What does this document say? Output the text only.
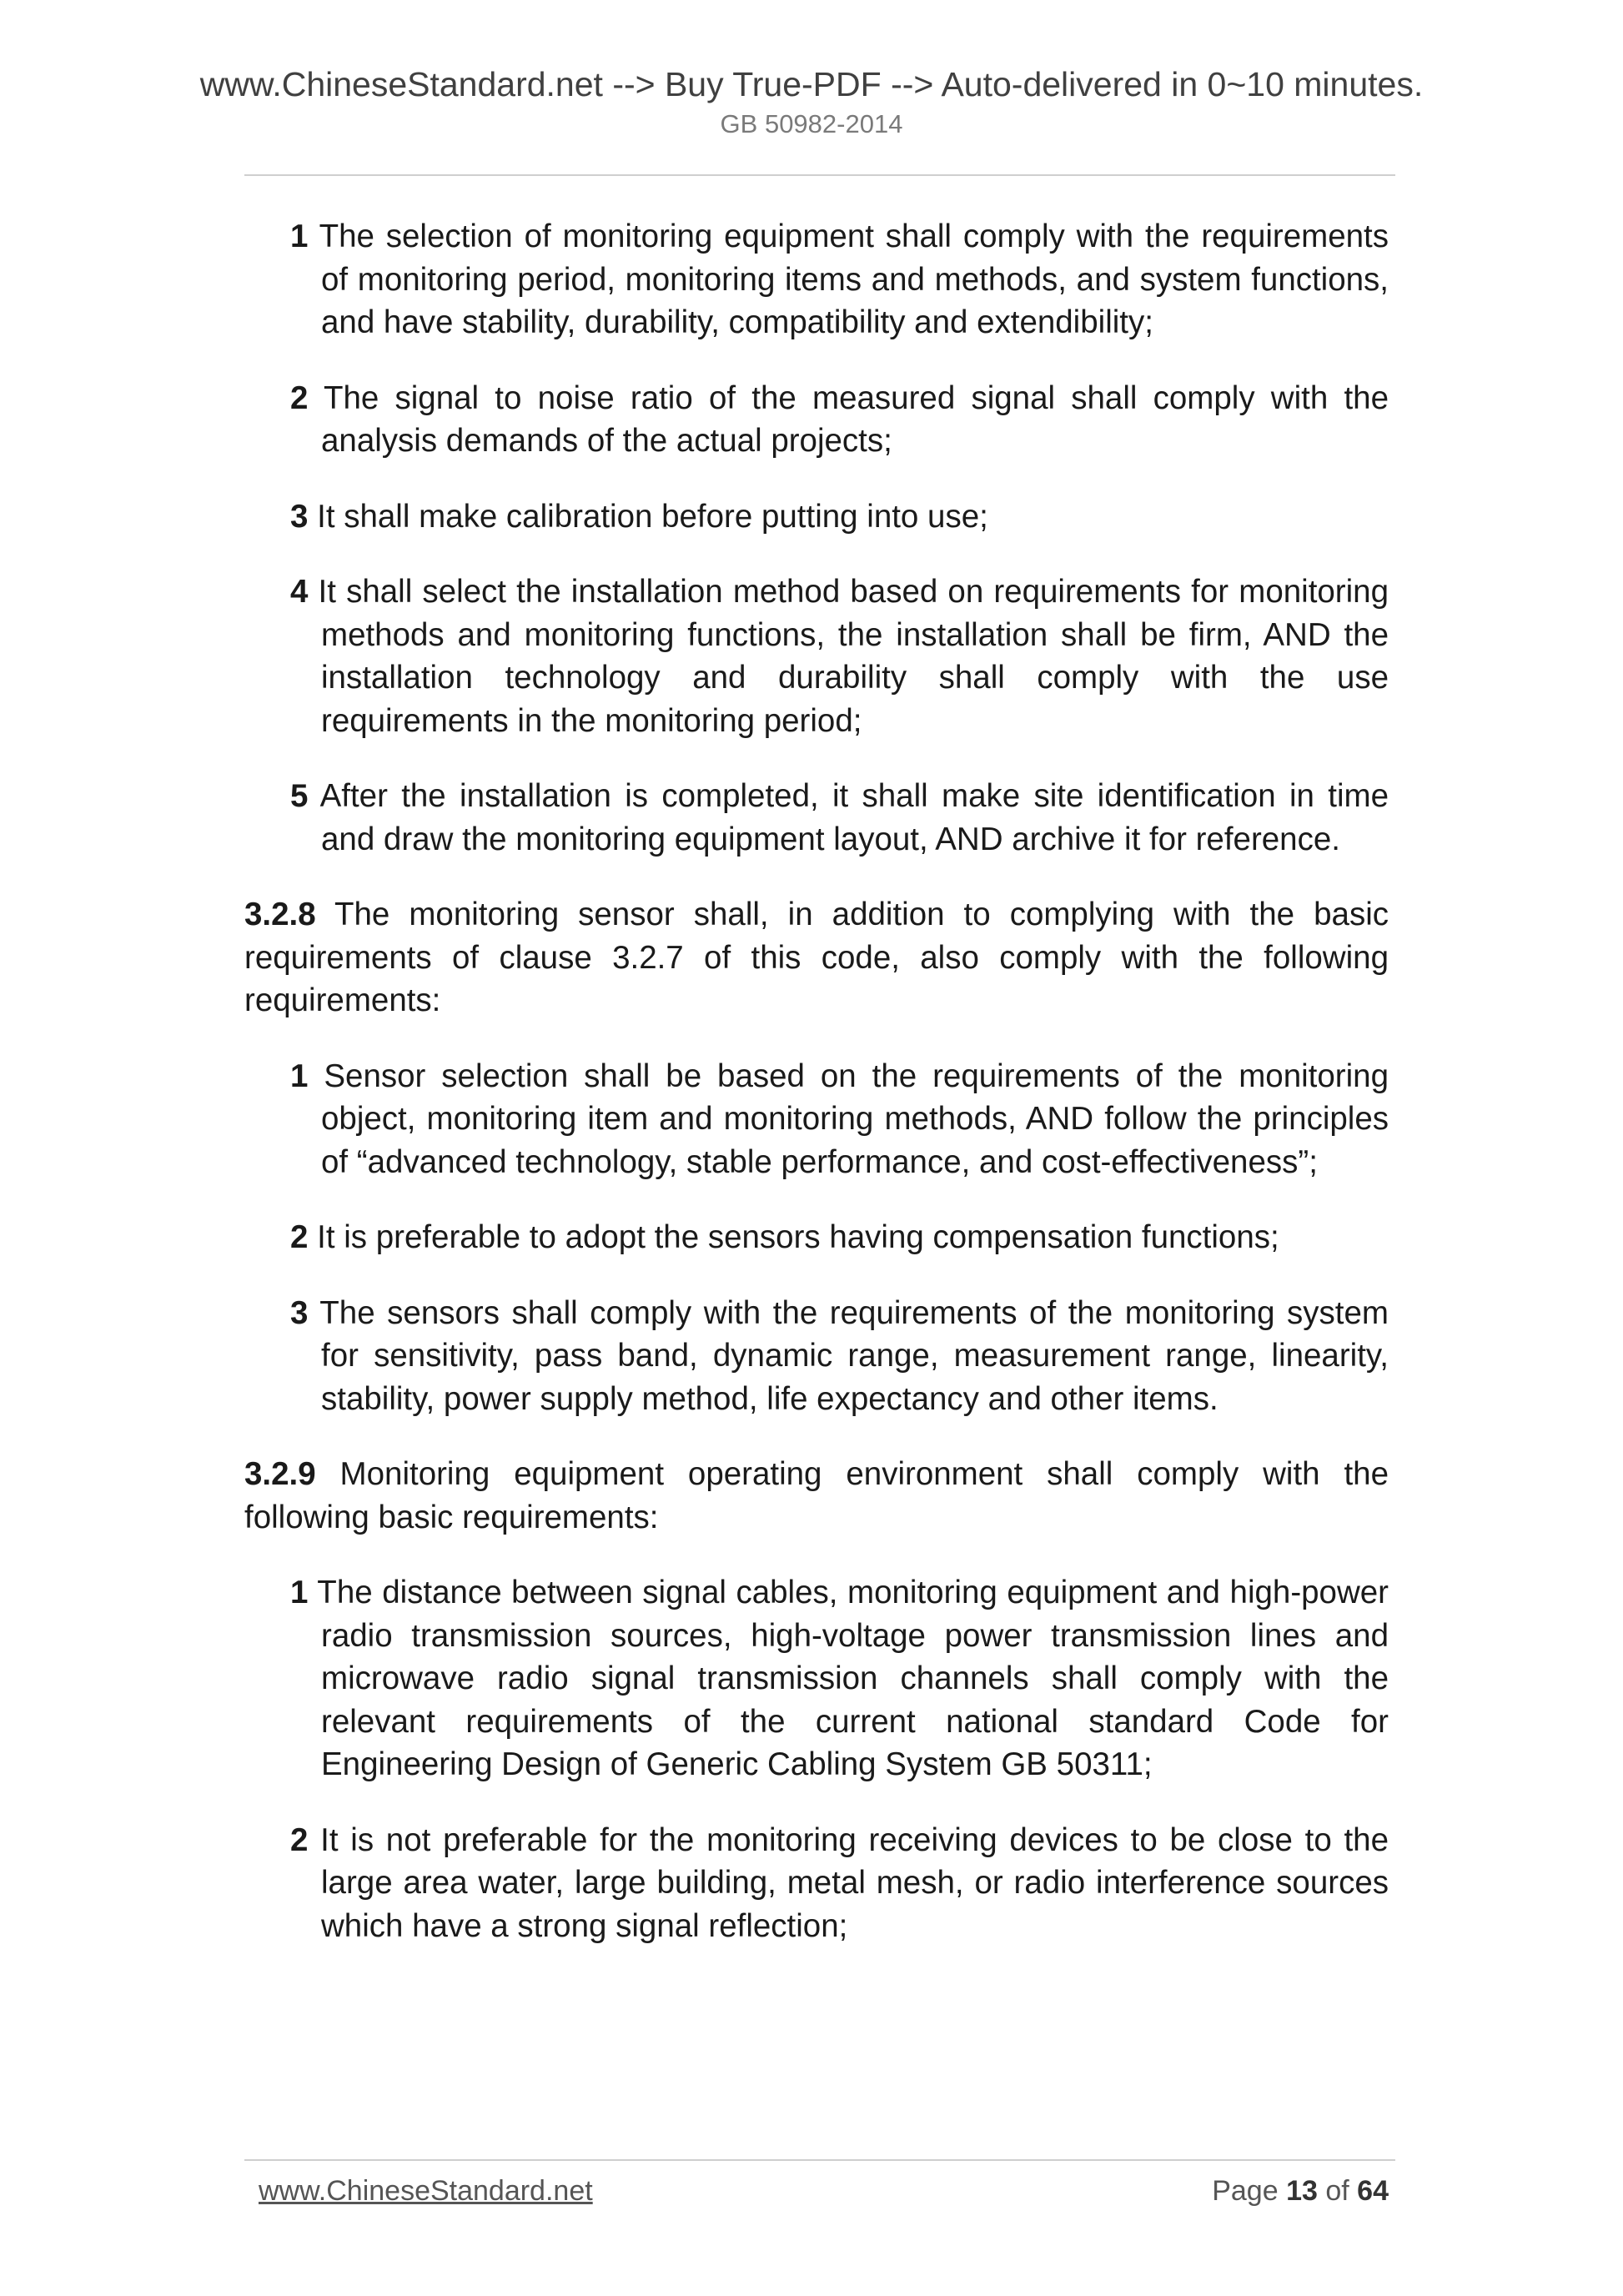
www.ChineseStandard.net --> Buy True-PDF --> Auto-delivered in 0~10 minutes.
GB 50982-2014
1 The selection of monitoring equipment shall comply with the requirements of monitoring period, monitoring items and methods, and system functions, and have stability, durability, compatibility and extendibility;
2 The signal to noise ratio of the measured signal shall comply with the analysis demands of the actual projects;
3 It shall make calibration before putting into use;
4 It shall select the installation method based on requirements for monitoring methods and monitoring functions, the installation shall be firm, AND the installation technology and durability shall comply with the use requirements in the monitoring period;
5 After the installation is completed, it shall make site identification in time and draw the monitoring equipment layout, AND archive it for reference.
3.2.8 The monitoring sensor shall, in addition to complying with the basic requirements of clause 3.2.7 of this code, also comply with the following requirements:
1 Sensor selection shall be based on the requirements of the monitoring object, monitoring item and monitoring methods, AND follow the principles of “advanced technology, stable performance, and cost-effectiveness”;
2 It is preferable to adopt the sensors having compensation functions;
3 The sensors shall comply with the requirements of the monitoring system for sensitivity, pass band, dynamic range, measurement range, linearity, stability, power supply method, life expectancy and other items.
3.2.9 Monitoring equipment operating environment shall comply with the following basic requirements:
1 The distance between signal cables, monitoring equipment and high-power radio transmission sources, high-voltage power transmission lines and microwave radio signal transmission channels shall comply with the relevant requirements of the current national standard Code for Engineering Design of Generic Cabling System GB 50311;
2 It is not preferable for the monitoring receiving devices to be close to the large area water, large building, metal mesh, or radio interference sources which have a strong signal reflection;
www.ChineseStandard.net	Page 13 of 64
